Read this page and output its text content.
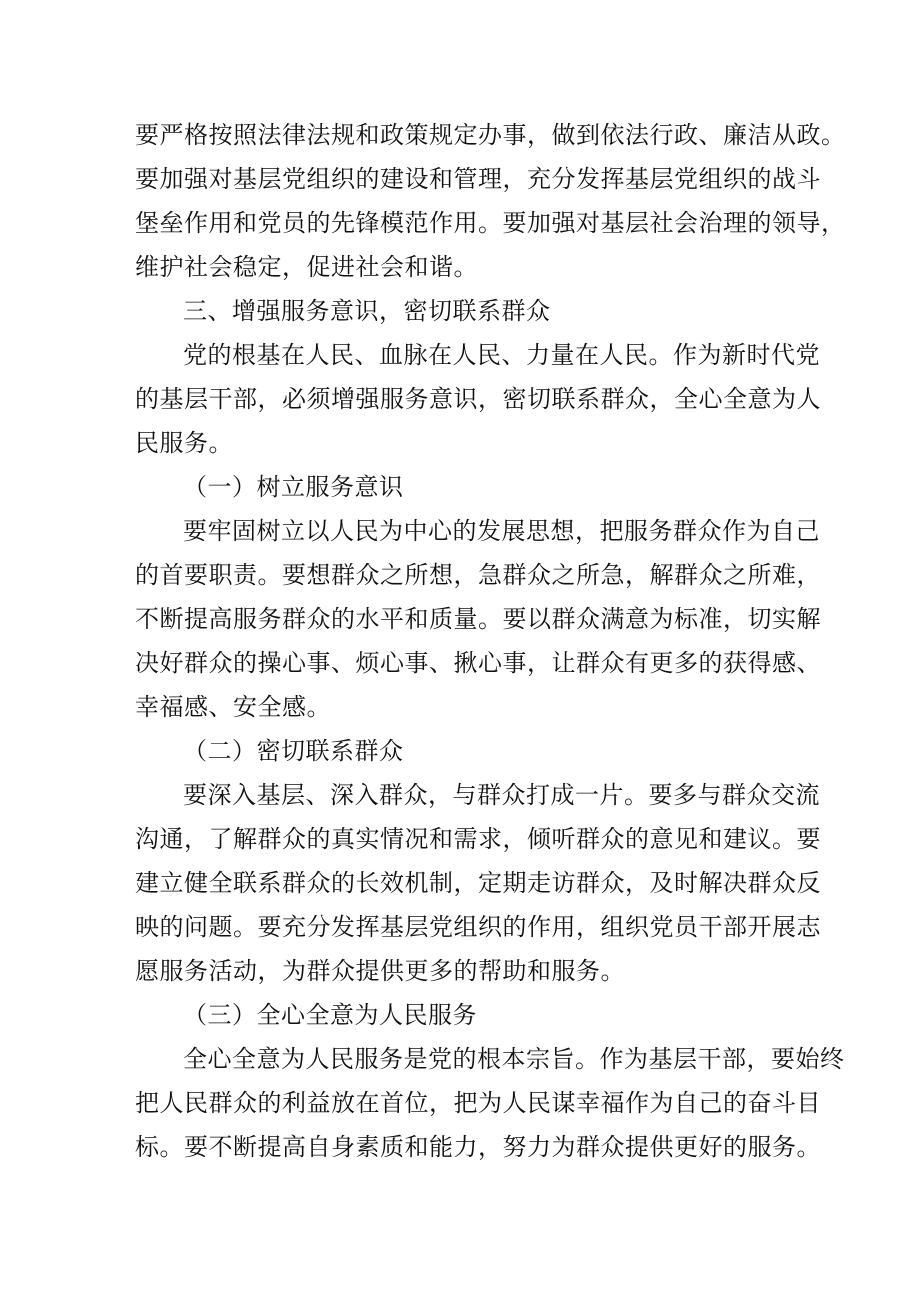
要严格按照法律法规和政策规定办事，做到依法行政、廉洁从政。
要加强对基层党组织的建设和管理，充分发挥基层党组织的战斗
堡垒作用和党员的先锋模范作用。要加强对基层社会治理的领导，
维护社会稳定，促进社会和谐。
三、增强服务意识，密切联系群众
党的根基在人民、血脉在人民、力量在人民。作为新时代党
的基层干部，必须增强服务意识，密切联系群众，全心全意为人
民服务。
（一）树立服务意识
要牢固树立以人民为中心的发展思想，把服务群众作为自己
的首要职责。要想群众之所想，急群众之所急，解群众之所难，
不断提高服务群众的水平和质量。要以群众满意为标准，切实解
决好群众的操心事、烦心事、揪心事，让群众有更多的获得感、
幸福感、安全感。
（二）密切联系群众
要深入基层、深入群众，与群众打成一片。要多与群众交流
沟通，了解群众的真实情况和需求，倾听群众的意见和建议。要
建立健全联系群众的长效机制，定期走访群众，及时解决群众反
映的问题。要充分发挥基层党组织的作用，组织党员干部开展志
愿服务活动，为群众提供更多的帮助和服务。
（三）全心全意为人民服务
全心全意为人民服务是党的根本宗旨。作为基层干部，要始终
把人民群众的利益放在首位，把为人民谋幸福作为自己的奋斗目
标。要不断提高自身素质和能力，努力为群众提供更好的服务。
